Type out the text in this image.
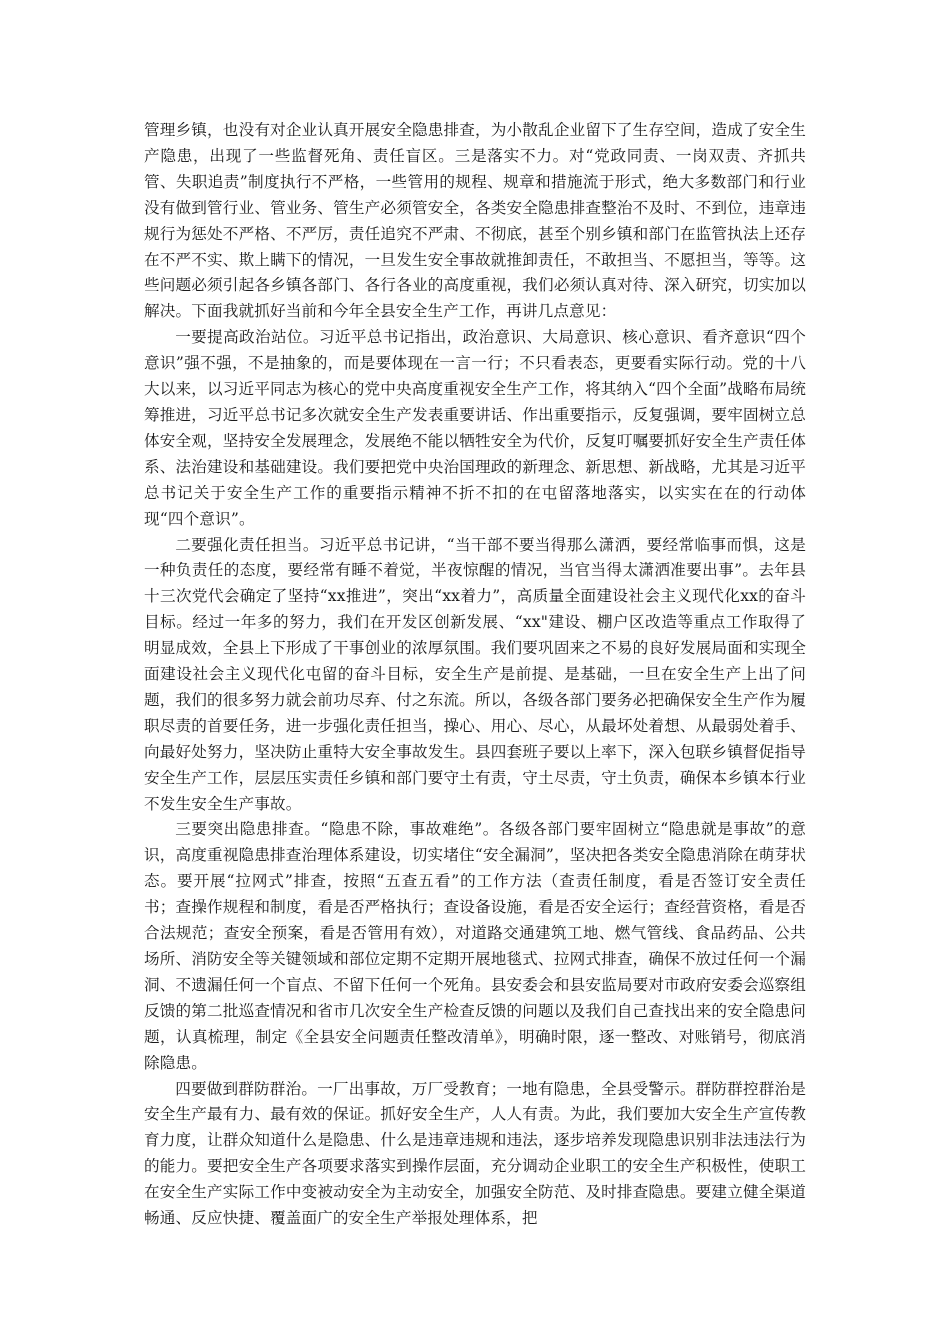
管理乡镇，也没有对企业认真开展安全隐患排查，为小散乱企业留下了生存空间，造成了安全生产隐患，出现了一些监督死角、责任盲区。三是落实不力。对“党政同责、一岗双责、齐抓共管、失职追责”制度执行不严格，一些管用的规程、规章和措施流于形式，绝大多数部门和行业没有做到管行业、管业务、管生产必须管安全，各类安全隐患排查整治不及时、不到位，违章违规行为惩处不严格、不严厉，责任追究不严肃、不彻底，甚至个别乡镇和部门在监管执法上还存在不严不实、欺上瞒下的情况，一旦发生安全事故就推卸责任，不敢担当、不愿担当，等等。这些问题必须引起各乡镇各部门、各行各业的高度重视，我们必须认真对待、深入研究，切实加以解决。下面我就抓好当前和今年全县安全生产工作，再讲几点意见：

一要提高政治站位。习近平总书记指出，政治意识、大局意识、核心意识、看齐意识“四个意识”强不强，不是抽象的，而是要体现在一言一行；不只看表态，更要看实际行动。党的十八大以来，以习近平同志为核心的党中央高度重视安全生产工作，将其纳入“四个全面”战略布局统筹推进，习近平总书记多次就安全生产发表重要讲话、作出重要指示，反复强调，要牢固树立总体安全观，坚持安全发展理念，发展绝不能以牺牲安全为代价，反复叮嘱要抓好安全生产责任体系、法治建设和基础建设。我们要把党中央治国理政的新理念、新思想、新战略，尤其是习近平总书记关于安全生产工作的重要指示精神不折不扣的在屯留落地落实，以实实在在的行动体现“四个意识”。

二要强化责任担当。习近平总书记讲，“当干部不要当得那么潇洒，要经常临事而惧，这是一种负责任的态度，要经常有睡不着觉，半夜惊醒的情况，当官当得太潇洒准要出事”。去年县十三次党代会确定了坚持“xx推进”，突出“xx着力”，高质量全面建设社会主义现代化xx的奋斗目标。经过一年多的努力，我们在开发区创新发展、“xx"建设、棚户区改造等重点工作取得了明显成效，全县上下形成了干事创业的浓厚氛围。我们要巩固来之不易的良好发展局面和实现全面建设社会主义现代化屯留的奋斗目标，安全生产是前提、是基础，一旦在安全生产上出了问题，我们的很多努力就会前功尽弃、付之东流。所以，各级各部门要务必把确保安全生产作为履职尽责的首要任务，进一步强化责任担当，操心、用心、尽心，从最坏处着想、从最弱处着手、向最好处努力，坚决防止重特大安全事故发生。县四套班子要以上率下，深入包联乡镇督促指导安全生产工作，层层压实责任乡镇和部门要守土有责，守土尽责，守土负责，确保本乡镇本行业不发生安全生产事故。

三要突出隐患排查。“隐患不除，事故难绝”。各级各部门要牢固树立“隐患就是事故”的意识，高度重视隐患排查治理体系建设，切实堵住“安全漏洞”，坚决把各类安全隐患消除在萌芽状态。要开展“拉网式”排查，按照“五查五看”的工作方法（查责任制度，看是否签订安全责任书；查操作规程和制度，看是否严格执行；查设备设施，看是否安全运行；查经营资格，看是否合法规范；查安全预案，看是否管用有效），对道路交通建筑工地、燃气管线、食品药品、公共场所、消防安全等关键领域和部位定期不定期开展地毯式、拉网式排查，确保不放过任何一个漏洞、不遗漏任何一个盲点、不留下任何一个死角。县安委会和县安监局要对市政府安委会巡察组反馈的第二批巡查情况和省市几次安全生产检查反馈的问题以及我们自己查找出来的安全隐患问题，认真梳理，制定《全县安全问题责任整改清单》，明确时限，逐一整改、对账销号，彻底消除隐患。

四要做到群防群治。一厂出事故，万厂受教育；一地有隐患，全县受警示。群防群控群治是安全生产最有力、最有效的保证。抓好安全生产，人人有责。为此，我们要加大安全生产宣传教育力度，让群众知道什么是隐患、什么是违章违规和违法，逐步培养发现隐患识别非法违法行为的能力。要把安全生产各项要求落实到操作层面，充分调动企业职工的安全生产积极性，使职工在安全生产实际工作中变被动安全为主动安全，加强安全防范、及时排查隐患。要建立健全渠道畅通、反应快捷、覆盖面广的安全生产举报处理体系，把
